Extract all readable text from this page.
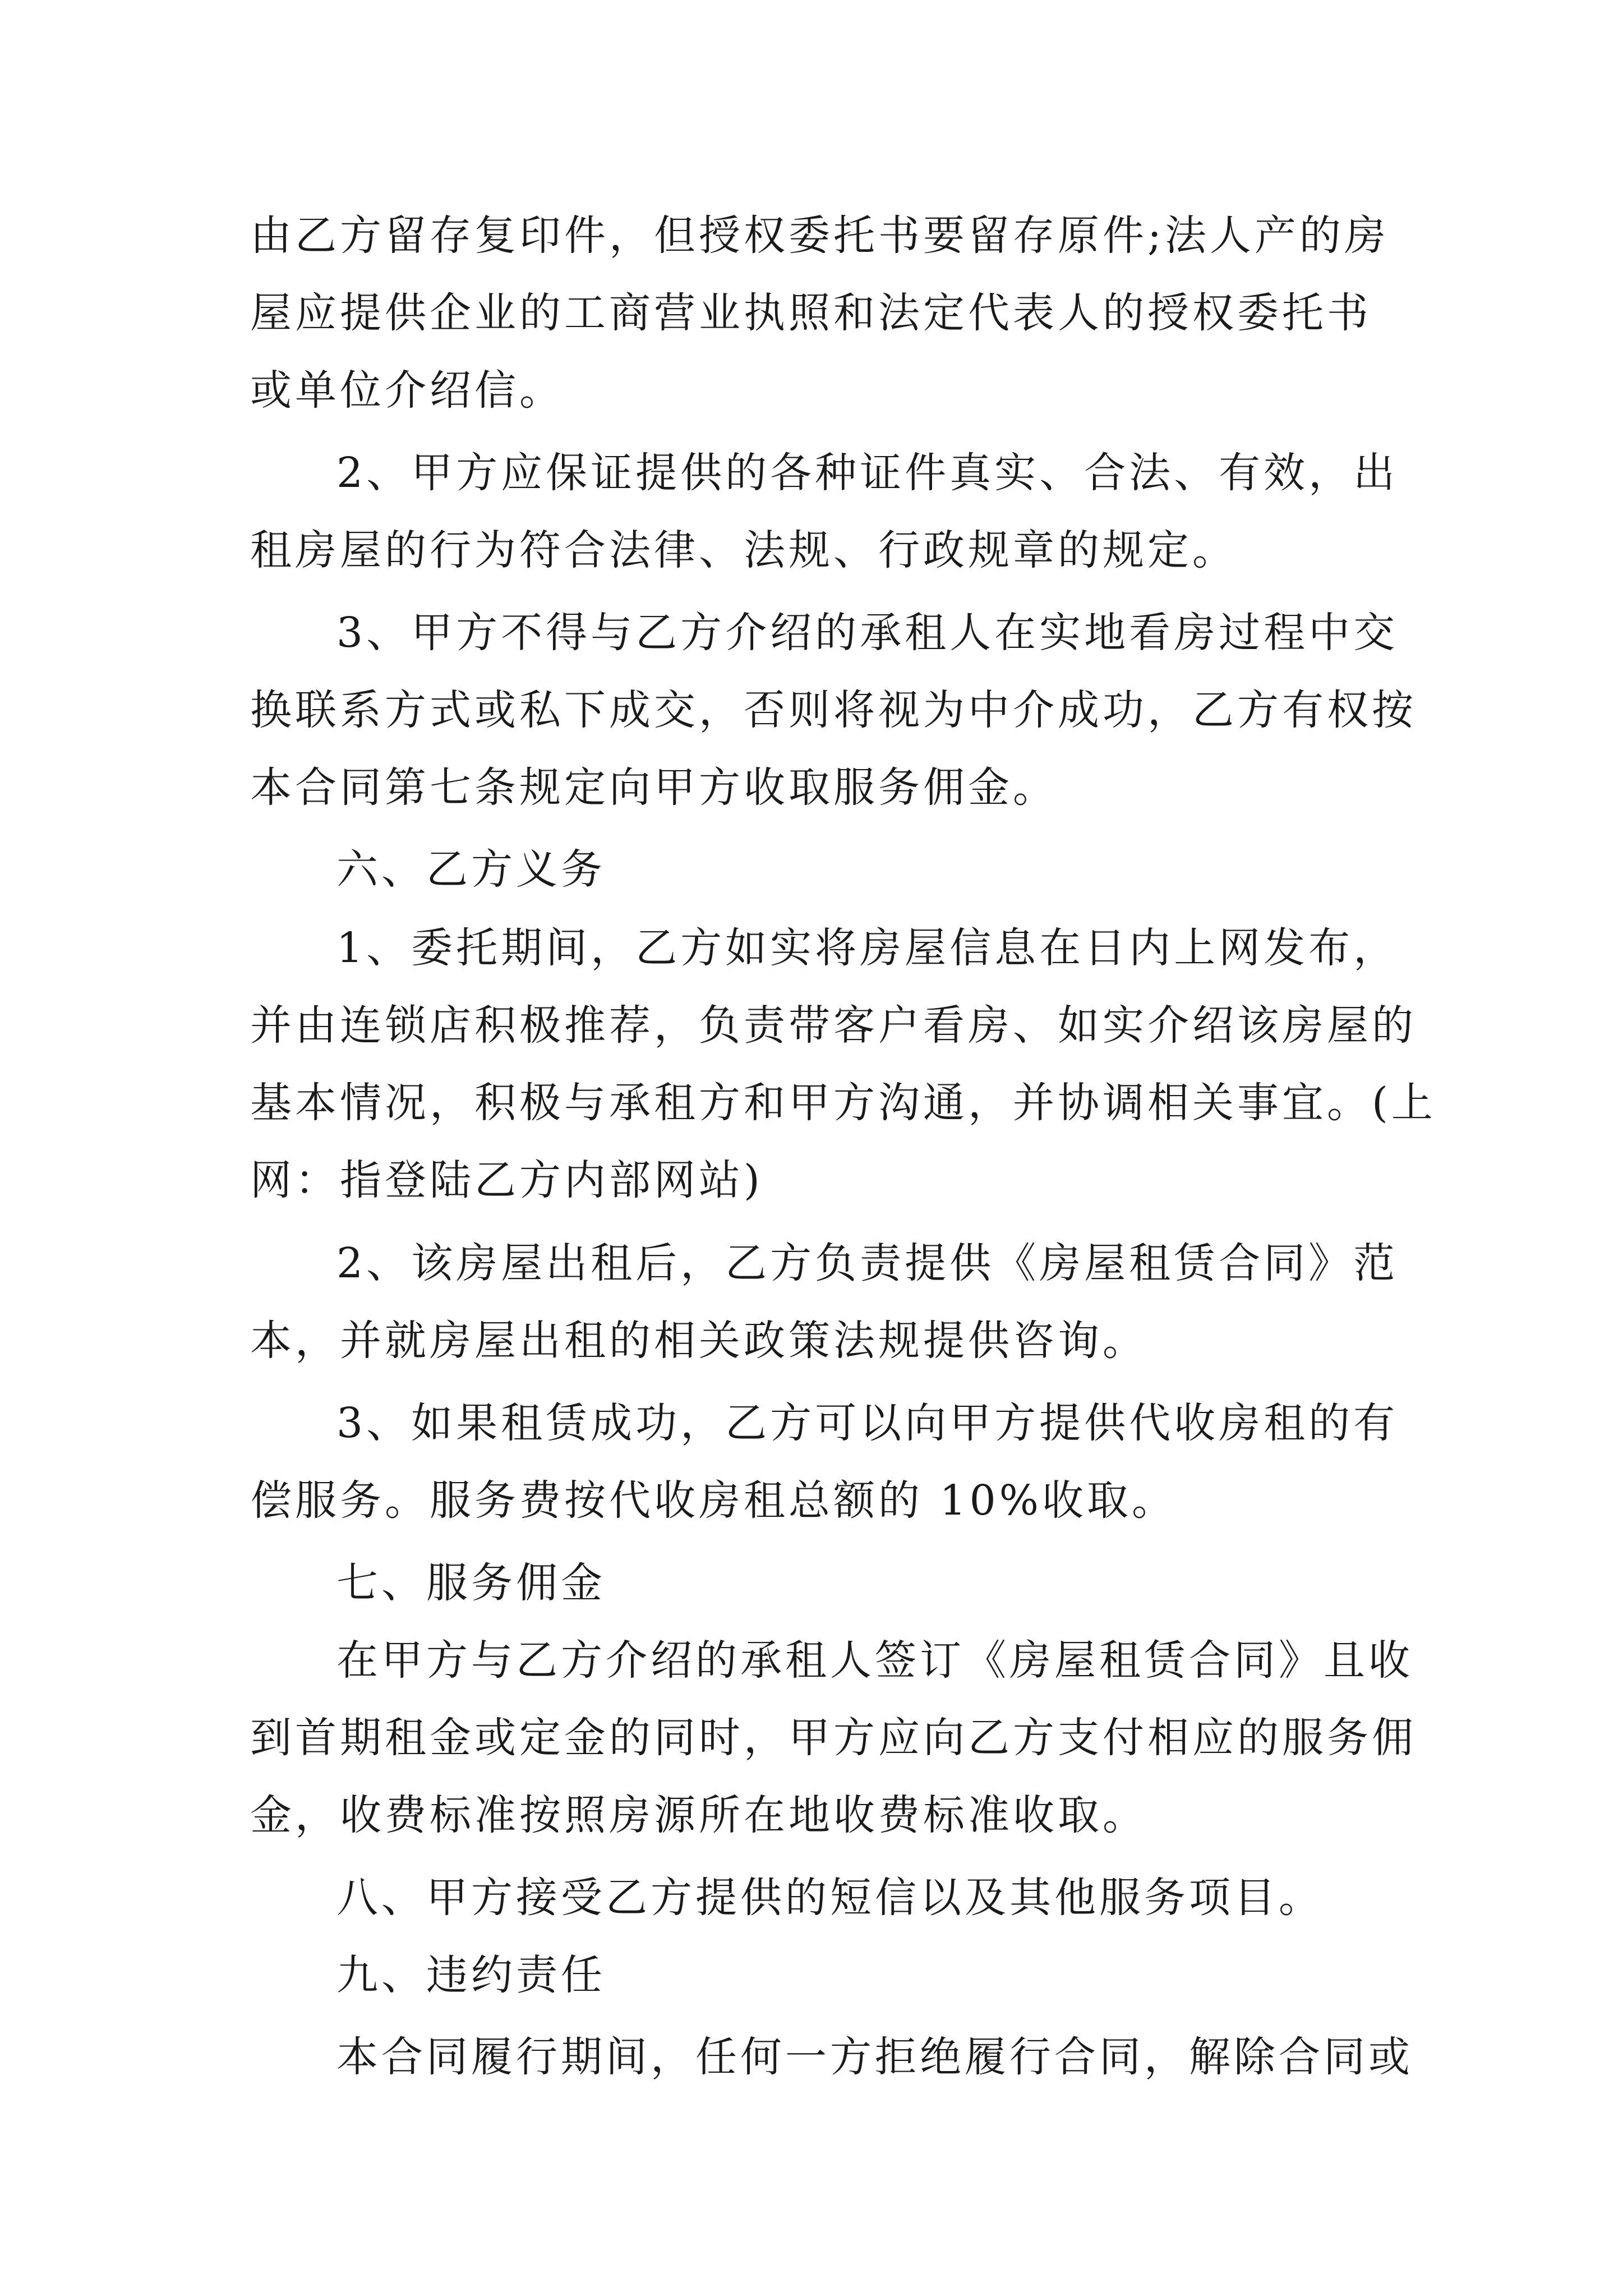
由乙方留存复印件，但授权委托书要留存原件;法人产的房
屋应提供企业的工商营业执照和法定代表人的授权委托书
或单位介绍信。
2、甲方应保证提供的各种证件真实、合法、有效，出
租房屋的行为符合法律、法规、行政规章的规定。
3、甲方不得与乙方介绍的承租人在实地看房过程中交
换联系方式或私下成交，否则将视为中介成功，乙方有权按
本合同第七条规定向甲方收取服务佣金。
六、乙方义务
1、委托期间，乙方如实将房屋信息在日内上网发布，
并由连锁店积极推荐，负责带客户看房、如实介绍该房屋的
基本情况，积极与承租方和甲方沟通，并协调相关事宜。(上
网：指登陆乙方内部网站)
2、该房屋出租后，乙方负责提供《房屋租赁合同》范
本，并就房屋出租的相关政策法规提供咨询。
3、如果租赁成功，乙方可以向甲方提供代收房租的有
偿服务。服务费按代收房租总额的 10%收取。
七、服务佣金
在甲方与乙方介绍的承租人签订《房屋租赁合同》且收
到首期租金或定金的同时，甲方应向乙方支付相应的服务佣
金，收费标准按照房源所在地收费标准收取。
八、甲方接受乙方提供的短信以及其他服务项目。
九、违约责任
本合同履行期间，任何一方拒绝履行合同，解除合同或
